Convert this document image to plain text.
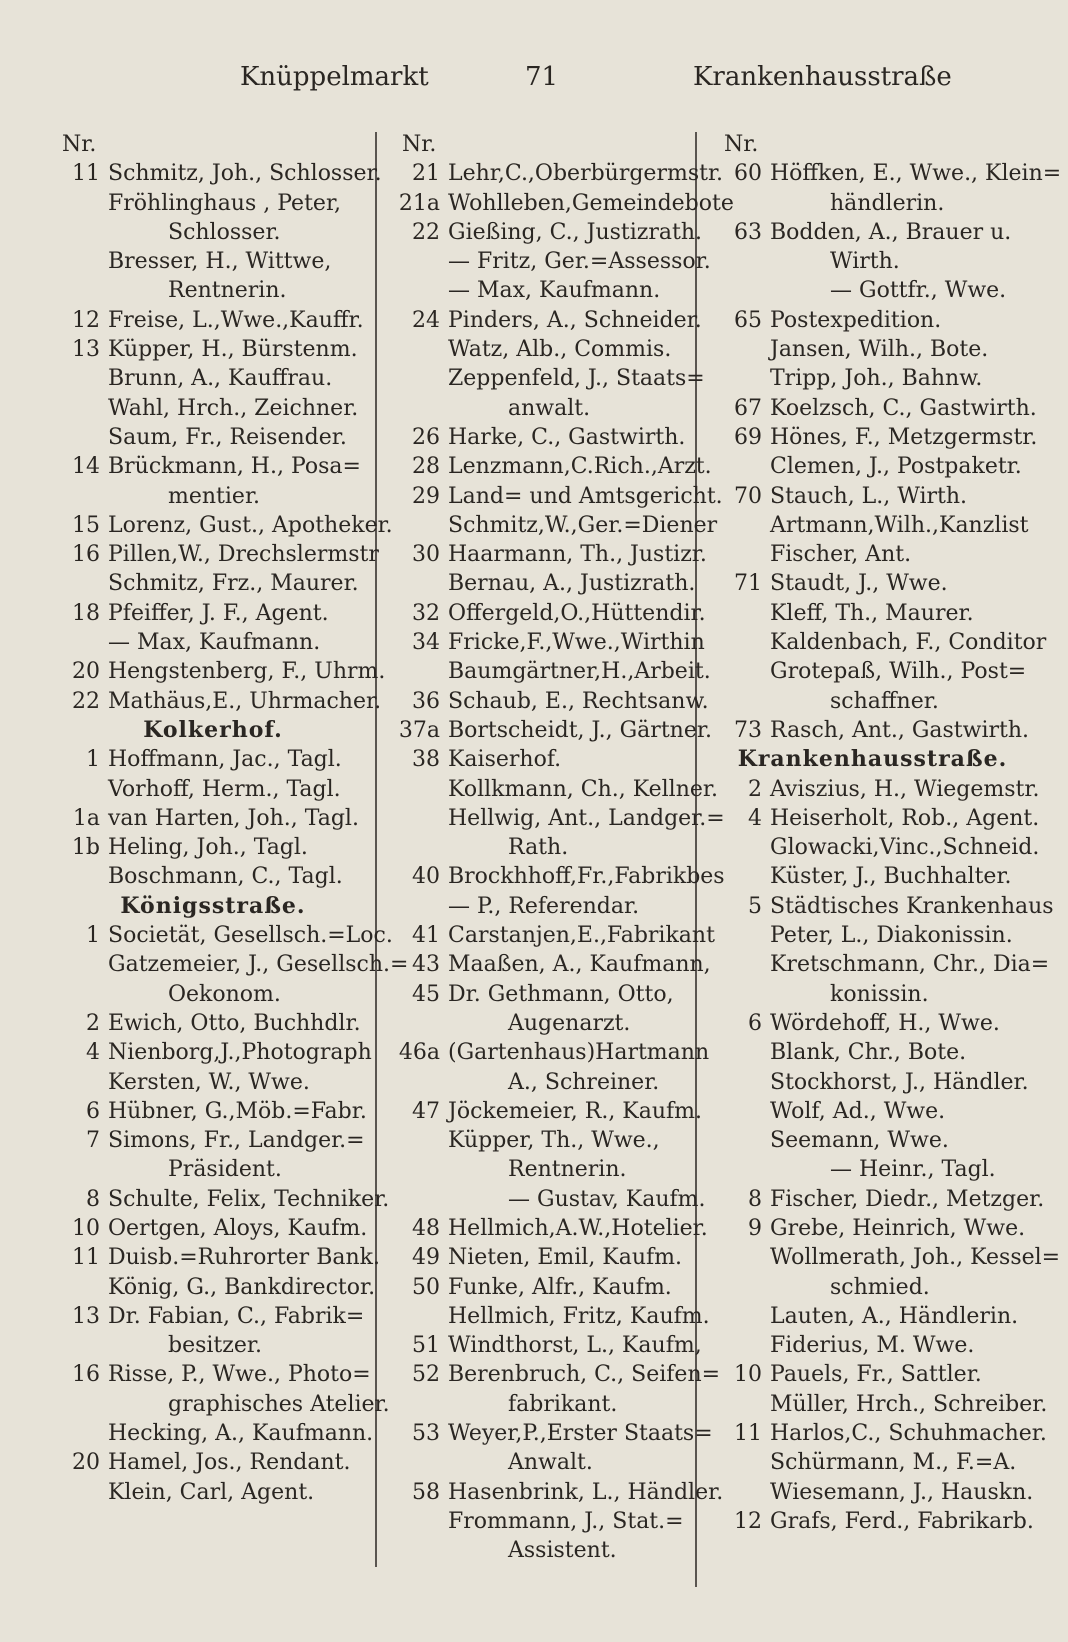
Knüppelmarkt	71	Krankenhausstraße
Nr.
11 Schmitz, Joh., Schlosser.
Fröhlinghaus , Peter,
Schlosser.
Bresser, H., Wittwe,
Rentnerin.
12 Freise, L.,Wwe.,Kauffr.
13 Küpper, H., Bürstenm.
Brunn, A., Kauffrau.
Wahl, Hrch., Zeichner.
Saum, Fr., Reisender.
14 Brückmann, H., Posa=
mentier.
15 Lorenz, Gust., Apotheker.
16 Pillen,W., Drechslermstr
Schmitz, Frz., Maurer.
18 Pfeiffer, J. F., Agent.
— Max, Kaufmann.
20 Hengstenberg, F., Uhrm.
22 Mathäus,E., Uhrmacher.
Kolkerhof.
1 Hoffmann, Jac., Tagl.
Vorhoff, Herm., Tagl.
1a van Harten, Joh., Tagl.
1b Heling, Joh., Tagl.
Boschmann, C., Tagl.
Königsstraße.
1 Societät, Gesellsch.=Loc.
Gatzemeier, J., Gesellsch.=
Oekonom.
2 Ewich, Otto, Buchhdlr.
4 Nienborg,J.,Photograph
Kersten, W., Wwe.
6 Hübner, G.,Möb.=Fabr.
7 Simons, Fr., Landger.=
Präsident.
8 Schulte, Felix, Techniker.
10 Oertgen, Aloys, Kaufm.
11 Duisb.=Ruhrorter Bank.
König, G., Bankdirector.
13 Dr. Fabian, C., Fabrik=
besitzer.
16 Risse, P., Wwe., Photo=
graphisches Atelier.
Hecking, A., Kaufmann.
20 Hamel, Jos., Rendant.
Klein, Carl, Agent.
Nr.
21 Lehr,C.,Oberbürgermstr.
21a Wohlleben,Gemeindebote
22 Gießing, C., Justizrath.
— Fritz, Ger.=Assessor.
— Max, Kaufmann.
24 Pinders, A., Schneider.
Watz, Alb., Commis.
Zeppenfeld, J., Staats=
anwalt.
26 Harke, C., Gastwirth.
28 Lenzmann,C.Rich.,Arzt.
29 Land= und Amtsgericht.
Schmitz,W.,Ger.=Diener
30 Haarmann, Th., Justizr.
Bernau, A., Justizrath.
32 Offergeld,O.,Hüttendir.
34 Fricke,F.,Wwe.,Wirthin
Baumgärtner,H.,Arbeit.
36 Schaub, E., Rechtsanw.
37a Bortscheidt, J., Gärtner.
38 Kaiserhof.
Kollkmann, Ch., Kellner.
Hellwig, Ant., Landger.=
Rath.
40 Brockhhoff,Fr.,Fabrikbes
— P., Referendar.
41 Carstanjen,E.,Fabrikant
43 Maaßen, A., Kaufmann,
45 Dr. Gethmann, Otto,
Augenarzt.
46a (Gartenhaus)Hartmann
A., Schreiner.
47 Jöckemeier, R., Kaufm.
Küpper, Th., Wwe.,
Rentnerin.
— Gustav, Kaufm.
48 Hellmich,A.W.,Hotelier.
49 Nieten, Emil, Kaufm.
50 Funke, Alfr., Kaufm.
Hellmich, Fritz, Kaufm.
51 Windthorst, L., Kaufm,
52 Berenbruch, C., Seifen=
fabrikant.
53 Weyer,P.,Erster Staats=
Anwalt.
58 Hasenbrink, L., Händler.
Frommann, J., Stat.=
Assistent.
Nr.
60 Höffken, E., Wwe., Klein=
händlerin.
63 Bodden, A., Brauer u.
Wirth.
— Gottfr., Wwe.
65 Postexpedition.
Jansen, Wilh., Bote.
Tripp, Joh., Bahnw.
67 Koelzsch, C., Gastwirth.
69 Hönes, F., Metzgermstr.
Clemen, J., Postpaketr.
70 Stauch, L., Wirth.
Artmann,Wilh.,Kanzlist
Fischer, Ant.
71 Staudt, J., Wwe.
Kleff, Th., Maurer.
Kaldenbach, F., Conditor
Grotepaß, Wilh., Post=
schaffner.
73 Rasch, Ant., Gastwirth.
Krankenhausstraße.
2 Aviszius, H., Wiegemstr.
4 Heiserholt, Rob., Agent.
Glowacki,Vinc.,Schneid.
Küster, J., Buchhalter.
5 Städtisches Krankenhaus
Peter, L., Diakonissin.
Kretschmann, Chr., Dia=
konissin.
6 Wördehoff, H., Wwe.
Blank, Chr., Bote.
Stockhorst, J., Händler.
Wolf, Ad., Wwe.
Seemann, Wwe.
— Heinr., Tagl.
8 Fischer, Diedr., Metzger.
9 Grebe, Heinrich, Wwe.
Wollmerath, Joh., Kessel=
schmied.
Lauten, A., Händlerin.
Fiderius, M. Wwe.
10 Pauels, Fr., Sattler.
Müller, Hrch., Schreiber.
11 Harlos,C., Schuhmacher.
Schürmann, M., F.=A.
Wiesemann, J., Hauskn.
12 Grafs, Ferd., Fabrikarb.
